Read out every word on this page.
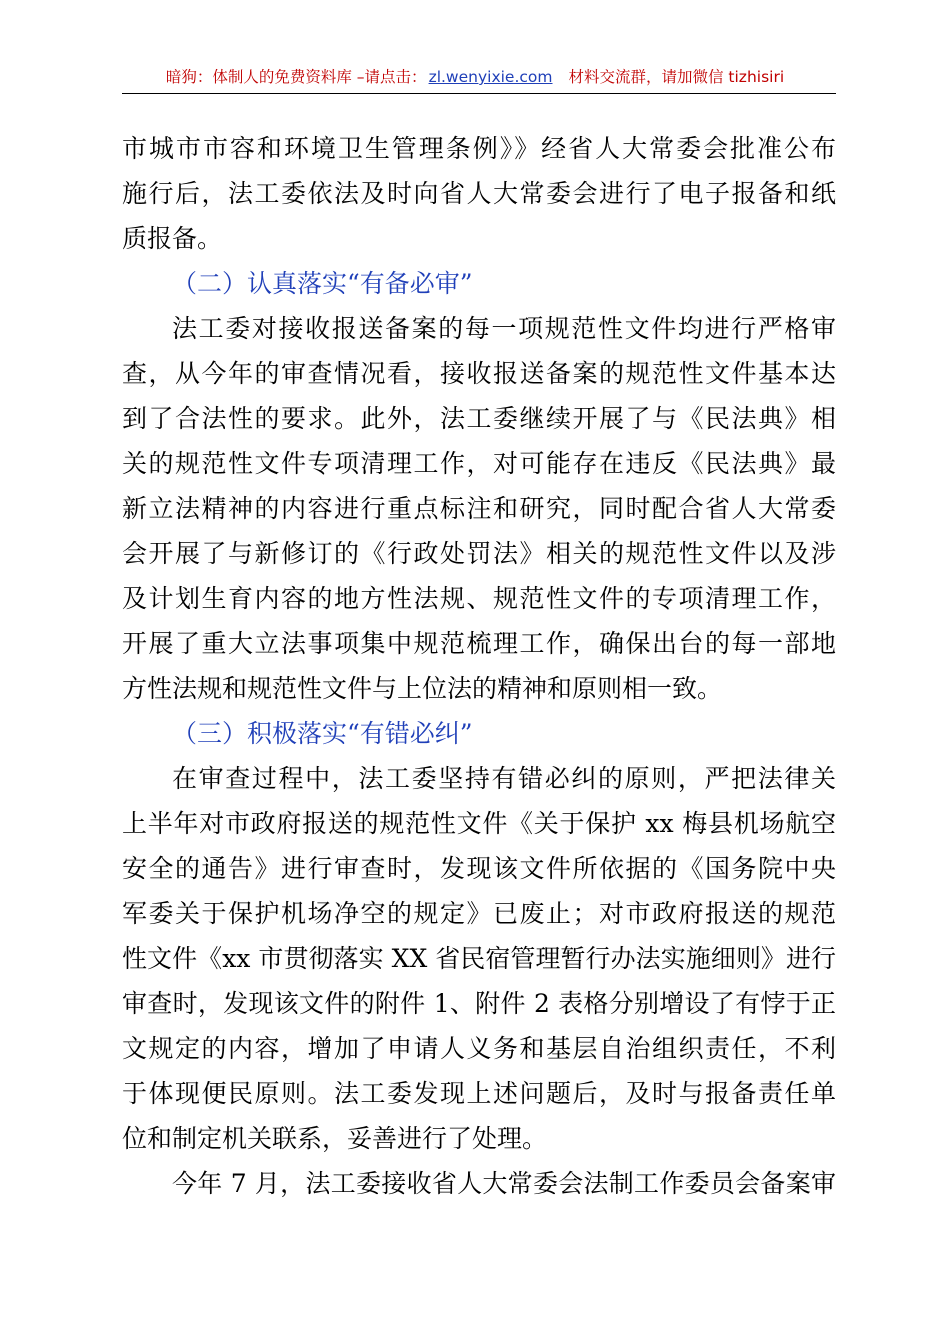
暗狗：体制人的免费资料库 –请点击： zl.wenyixie.com 材料交流群，请加微信 tizhisiri
市城市市容和环境卫生管理条例》》经省人大常委会批准公布
施行后，法工委依法及时向省人大常委会进行了电子报备和纸
质报备。
（二）认真落实“有备必审”
法工委对接收报送备案的每一项规范性文件均进行严格审
查，从今年的审查情况看，接收报送备案的规范性文件基本达
到了合法性的要求。此外，法工委继续开展了与《民法典》相
关的规范性文件专项清理工作，对可能存在违反《民法典》最
新立法精神的内容进行重点标注和研究，同时配合省人大常委
会开展了与新修订的《行政处罚法》相关的规范性文件以及涉
及计划生育内容的地方性法规、规范性文件的专项清理工作，
开展了重大立法事项集中规范梳理工作，确保出台的每一部地
方性法规和规范性文件与上位法的精神和原则相一致。
（三）积极落实“有错必纠”
在审查过程中，法工委坚持有错必纠的原则，严把法律关
上半年对市政府报送的规范性文件《关于保护 xx 梅县机场航空
安全的通告》进行审查时，发现该文件所依据的《国务院中央
军委关于保护机场净空的规定》已废止；对市政府报送的规范
性文件《xx 市贯彻落实 XX 省民宿管理暂行办法实施细则》进行
审查时，发现该文件的附件 1、附件 2 表格分别增设了有悖于正
文规定的内容，增加了申请人义务和基层自治组织责任，不利
于体现便民原则。法工委发现上述问题后，及时与报备责任单
位和制定机关联系，妥善进行了处理。
今年 7 月，法工委接收省人大常委会法制工作委员会备案审
